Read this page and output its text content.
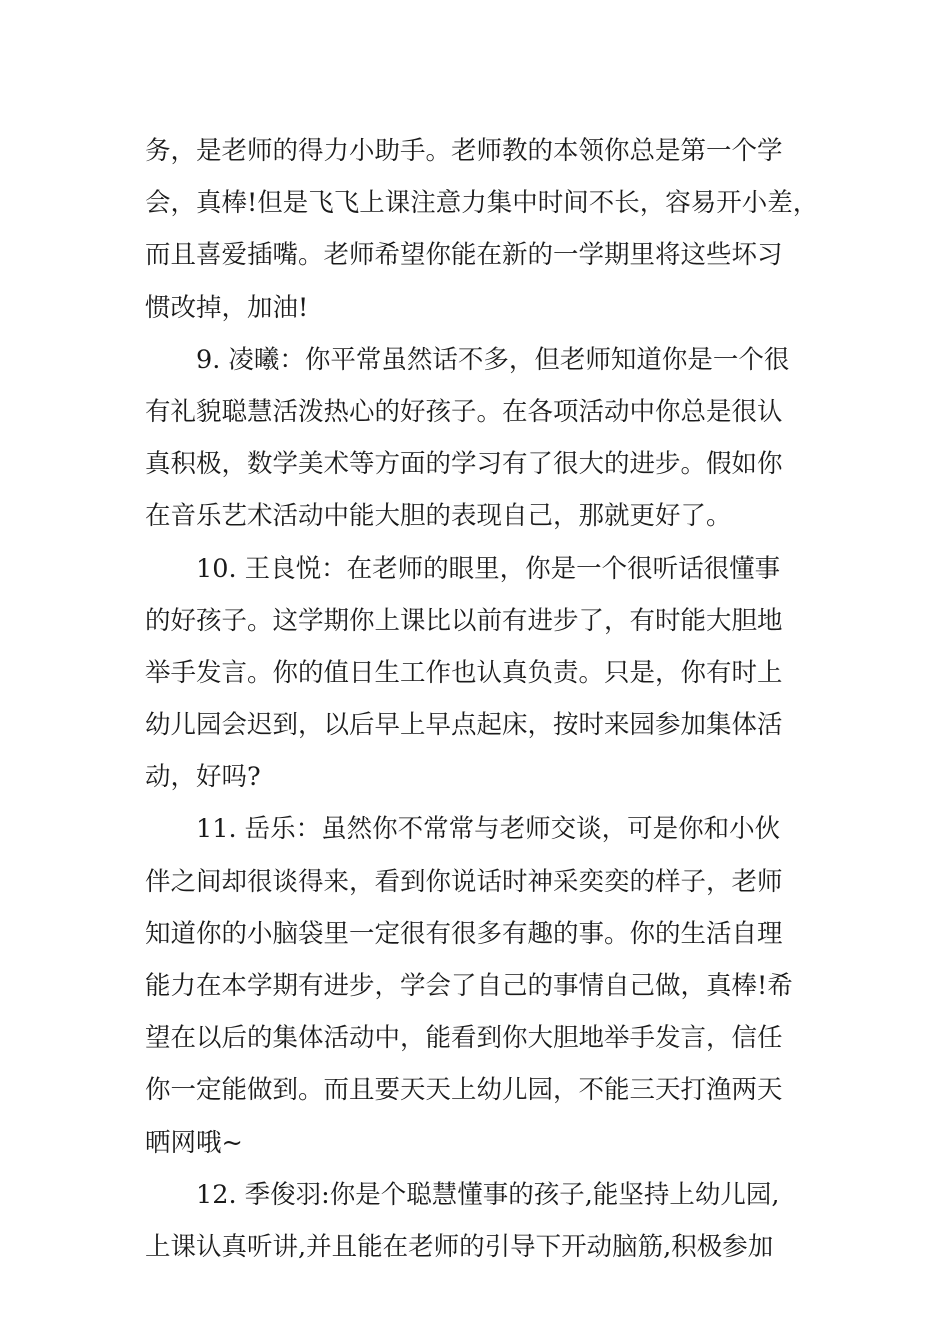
务，是老师的得力小助手。老师教的本领你总是第一个学
会，真棒!但是飞飞上课注意力集中时间不长，容易开小差，
而且喜爱插嘴。老师希望你能在新的一学期里将这些坏习
惯改掉，加油!
9. 凌曦：你平常虽然话不多，但老师知道你是一个很
有礼貌聪慧活泼热心的好孩子。在各项活动中你总是很认
真积极，数学美术等方面的学习有了很大的进步。假如你
在音乐艺术活动中能大胆的表现自己，那就更好了。
10. 王良悦：在老师的眼里，你是一个很听话很懂事
的好孩子。这学期你上课比以前有进步了，有时能大胆地
举手发言。你的值日生工作也认真负责。只是，你有时上
幼儿园会迟到，以后早上早点起床，按时来园参加集体活
动，好吗?
11. 岳乐：虽然你不常常与老师交谈，可是你和小伙
伴之间却很谈得来，看到你说话时神采奕奕的样子，老师
知道你的小脑袋里一定很有很多有趣的事。你的生活自理
能力在本学期有进步，学会了自己的事情自己做，真棒!希
望在以后的集体活动中，能看到你大胆地举手发言，信任
你一定能做到。而且要天天上幼儿园，不能三天打渔两天
晒网哦~
12. 季俊羽:你是个聪慧懂事的孩子,能坚持上幼儿园,
上课认真听讲,并且能在老师的引导下开动脑筋,积极参加
